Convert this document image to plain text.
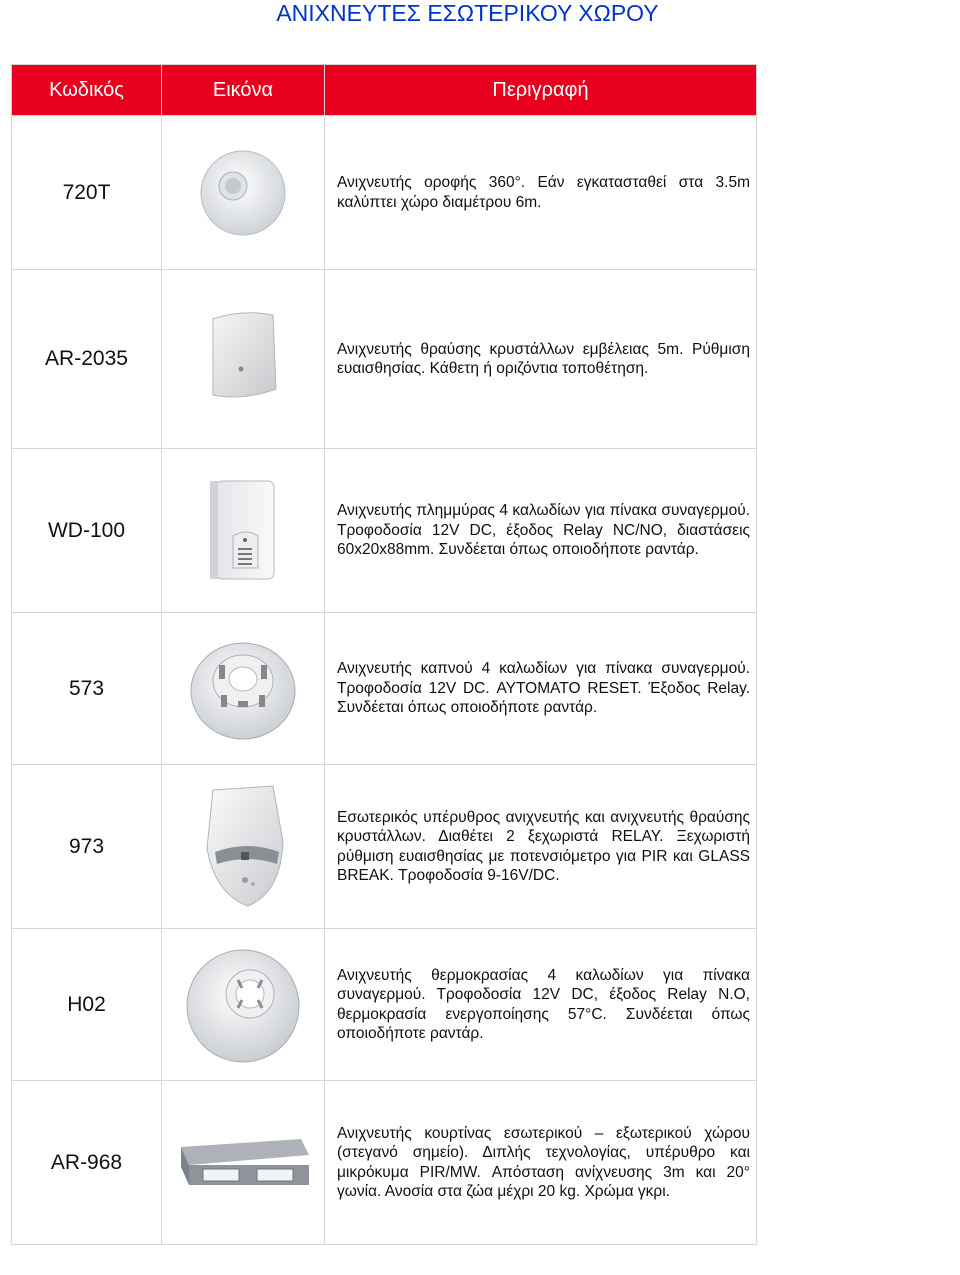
ΑΝΙΧΝΕΥΤΕΣ ΕΣΩΤΕΡΙΚΟΥ ΧΩΡΟΥ
Κωδικός	Εικόνα	Περιγραφή
720T		Ανιχνευτής οροφής 360°. Εάν εγκατασταθεί στα 3.5m καλύπτει χώρο διαμέτρου 6m.
AR-2035		Ανιχνευτής θραύσης κρυστάλλων εμβέλειας 5m. Ρύθμιση ευαισθησίας. Κάθετη ή οριζόντια τοποθέτηση.
WD-100		Ανιχνευτής πλημμύρας 4 καλωδίων για πίνακα συναγερμού. Τροφοδοσία 12V DC, έξοδος Relay NC/NO, διαστάσεις 60x20x88mm. Συνδέεται όπως οποιοδήποτε ραντάρ.
573		Ανιχνευτής καπνού 4 καλωδίων για πίνακα συναγερμού. Τροφοδοσία 12V DC. ΑΥΤΟΜΑΤΟ RESET. Έξοδος Relay. Συνδέεται όπως οποιοδήποτε ραντάρ.
973		Εσωτερικός υπέρυθρος ανιχνευτής και ανιχνευτής θραύσης κρυστάλλων. Διαθέτει 2 ξεχωριστά RELAY. Ξεχωριστή ρύθμιση ευαισθησίας με ποτενσιόμετρο για PIR και GLASS BREAK. Τροφοδοσία 9-16V/DC.
H02		Ανιχνευτής θερμοκρασίας 4 καλωδίων για πίνακα συναγερμού. Τροφοδοσία 12V DC, έξοδος Relay N.O, θερμοκρασία ενεργοποίησης 57°C. Συνδέεται όπως οποιοδήποτε ραντάρ.
AR-968		Ανιχνευτής κουρτίνας εσωτερικού – εξωτερικού χώρου (στεγανό σημείο). Διπλής τεχνολογίας, υπέρυθρο και μικρόκυμα PIR/MW. Απόσταση ανίχνευσης 3m και 20° γωνία. Ανοσία στα ζώα μέχρι 20 kg. Χρώμα γκρι.
